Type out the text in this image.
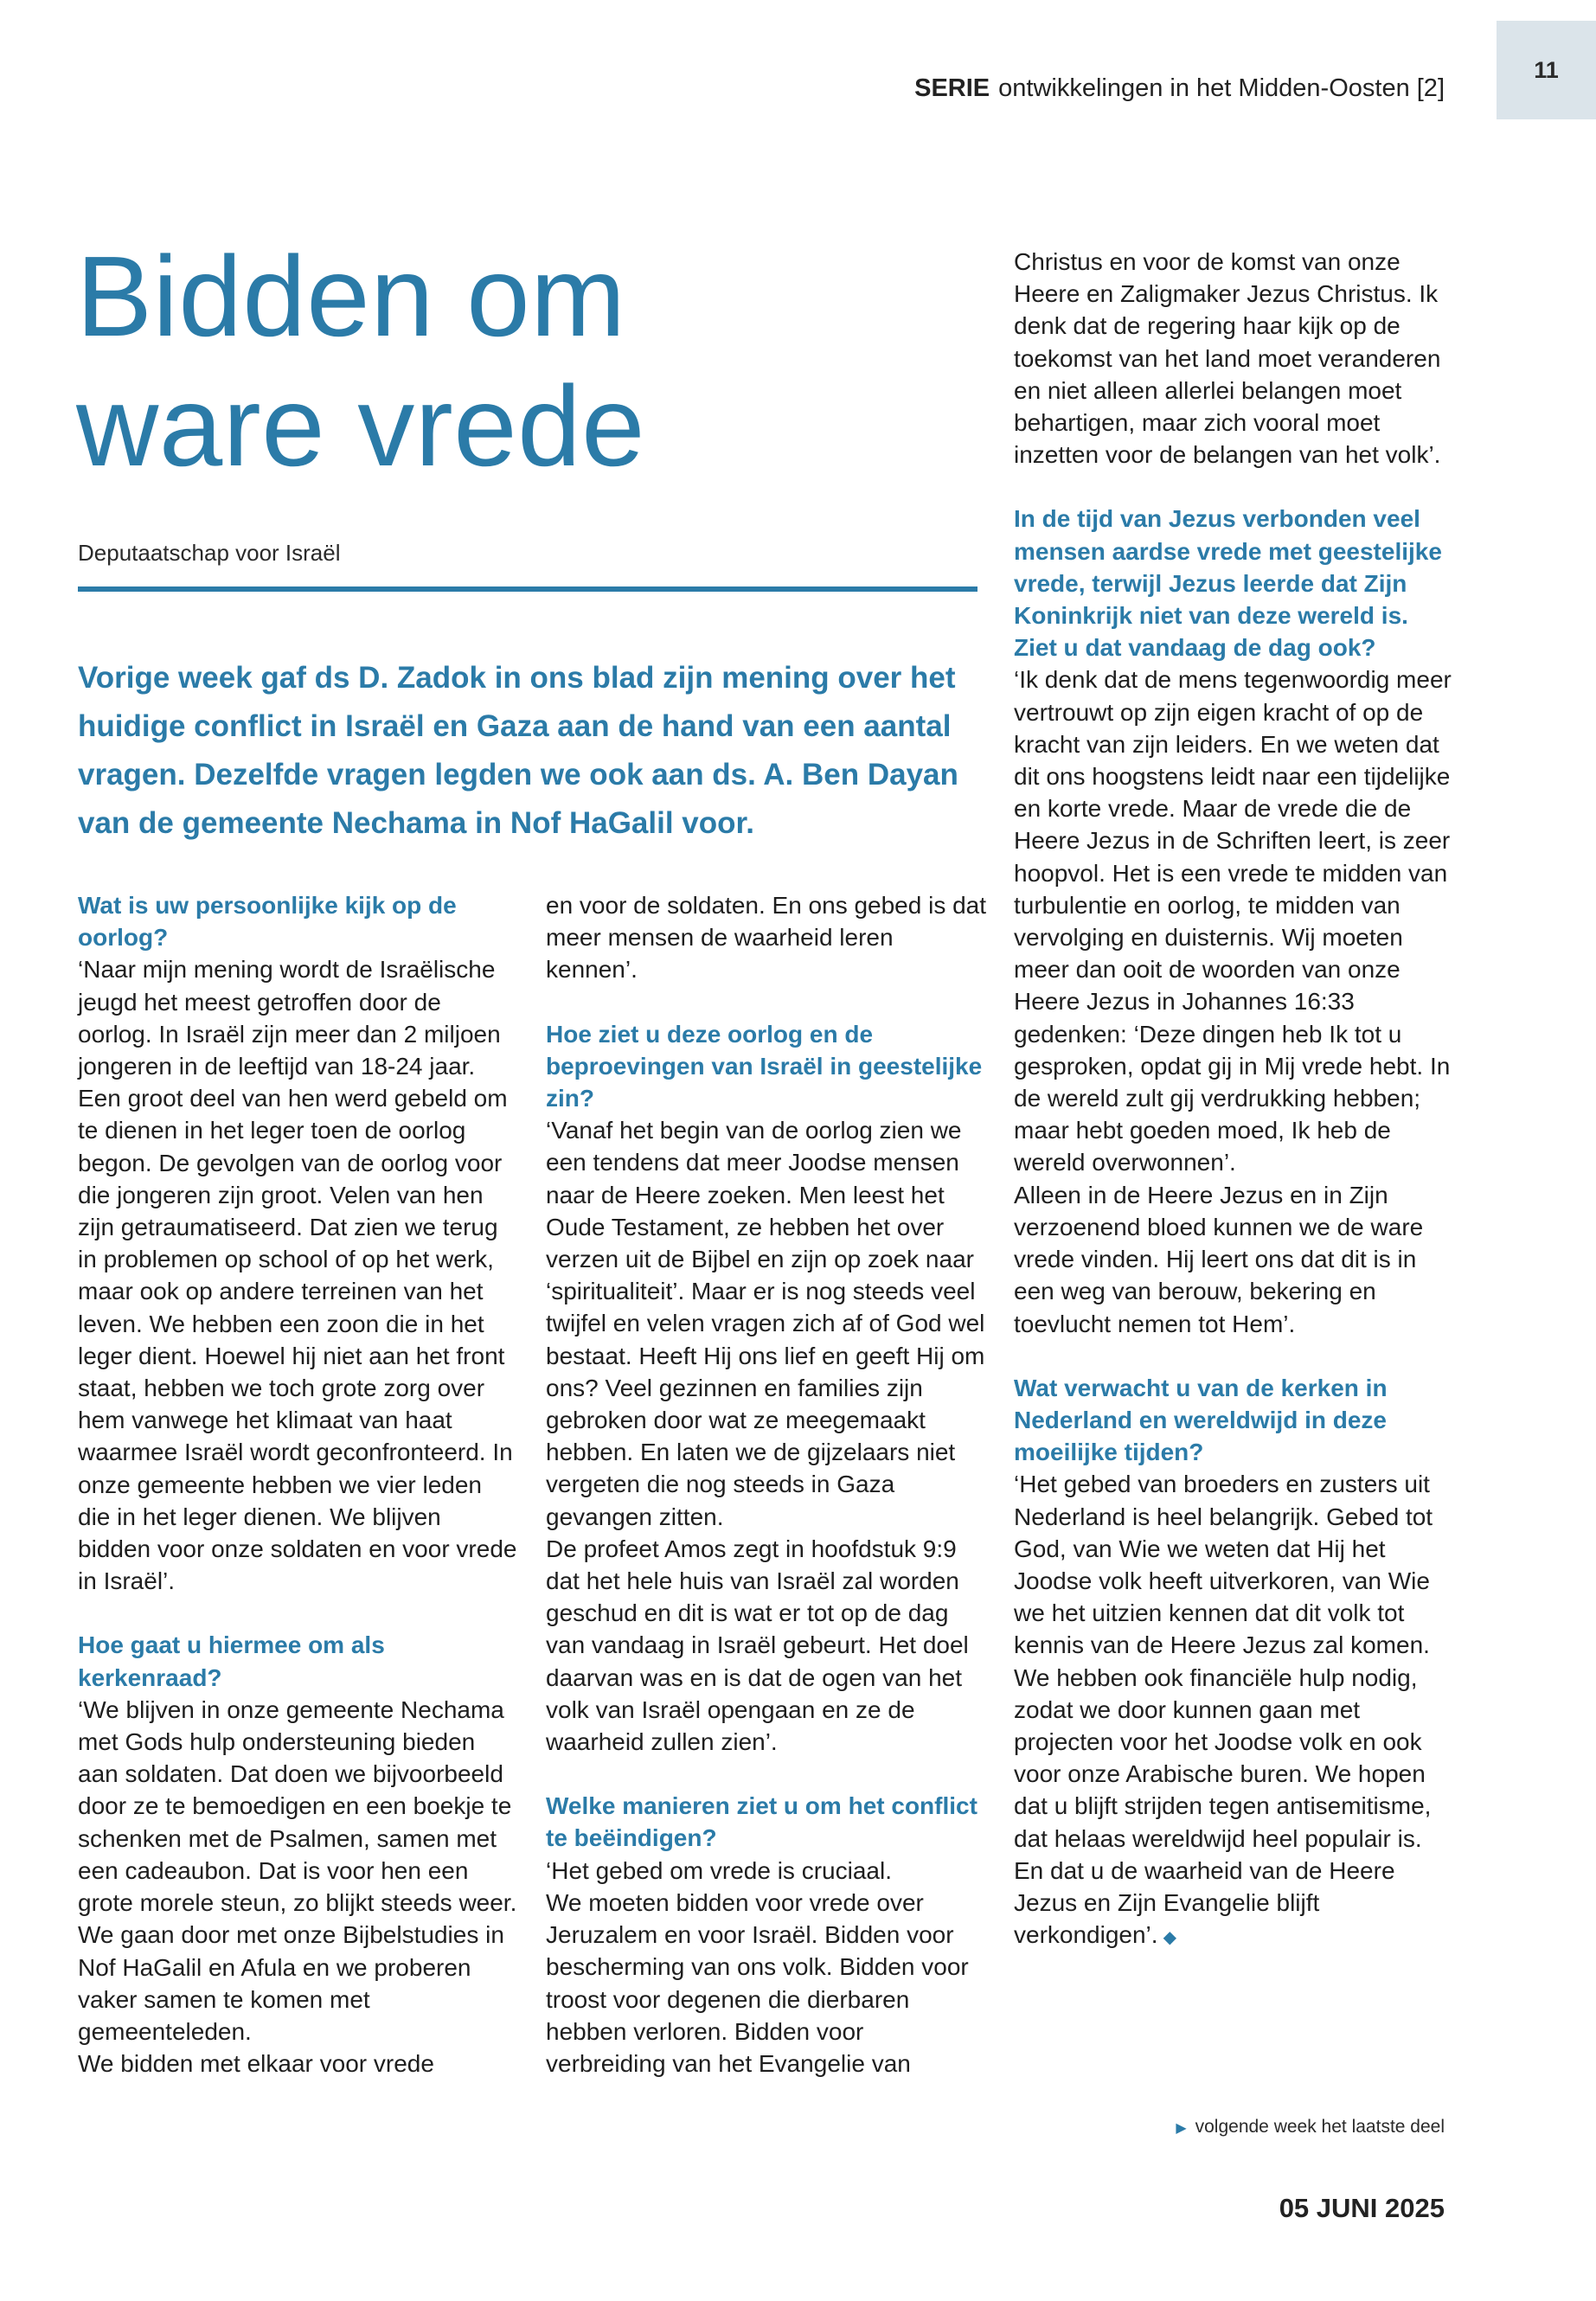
11
SERIE ontwikkelingen in het Midden-Oosten [2]
Bidden om
ware vrede
Deputaatschap voor Israël
Vorige week gaf ds D. Zadok in ons blad zijn mening over het huidige conflict in Israël en Gaza aan de hand van een aantal vragen. Dezelfde vragen legden we ook aan ds. A. Ben Dayan van de gemeente Nechama in Nof HaGalil voor.

Wat is uw persoonlijke kijk op de oorlog?

‘Naar mijn mening wordt de Israëlische jeugd het meest getroffen door de oorlog. In Israël zijn meer dan 2 miljoen jongeren in de leeftijd van 18-24 jaar. Een groot deel van hen werd gebeld om te dienen in het leger toen de oorlog begon. De gevolgen van de oorlog voor die jongeren zijn groot. Velen van hen zijn getraumatiseerd. Dat zien we terug in problemen op school of op het werk, maar ook op andere terreinen van het leven. We hebben een zoon die in het leger dient. Hoewel hij niet aan het front staat, hebben we toch grote zorg over hem vanwege het klimaat van haat waarmee Israël wordt geconfronteerd. In onze gemeente hebben we vier leden die in het leger dienen. We blijven bidden voor onze soldaten en voor vrede in Israël’.

Hoe gaat u hiermee om als kerkenraad?

‘We blijven in onze gemeente Nechama met Gods hulp ondersteuning bieden aan soldaten. Dat doen we bijvoorbeeld door ze te bemoedigen en een boekje te schenken met de Psalmen, samen met een cadeaubon. Dat is voor hen een grote morele steun, zo blijkt steeds weer. We gaan door met onze Bijbelstudies in Nof HaGalil en Afula en we proberen vaker samen te komen met gemeenteleden.

We bidden met elkaar voor vrede

en voor de soldaten. En ons gebed is dat meer mensen de waarheid leren kennen’.

Hoe ziet u deze oorlog en de beproevingen van Israël in geestelijke zin?

‘Vanaf het begin van de oorlog zien we een tendens dat meer Joodse mensen naar de Heere zoeken. Men leest het Oude Testament, ze hebben het over verzen uit de Bijbel en zijn op zoek naar ‘spiritualiteit’. Maar er is nog steeds veel twijfel en velen vragen zich af of God wel bestaat. Heeft Hij ons lief en geeft Hij om ons? Veel gezinnen en families zijn gebroken door wat ze meegemaakt hebben. En laten we de gijzelaars niet vergeten die nog steeds in Gaza gevangen zitten.

De profeet Amos zegt in hoofdstuk 9:9 dat het hele huis van Israël zal worden geschud en dit is wat er tot op de dag van vandaag in Israël gebeurt. Het doel daarvan was en is dat de ogen van het volk van Israël opengaan en ze de waarheid zullen zien’.

Welke manieren ziet u om het conflict te beëindigen?

‘Het gebed om vrede is cruciaal.

We moeten bidden voor vrede over Jeruzalem en voor Israël. Bidden voor bescherming van ons volk. Bidden voor troost voor degenen die dierbaren hebben verloren. Bidden voor verbreiding van het Evangelie van

Christus en voor de komst van onze Heere en Zaligmaker Jezus Christus. Ik denk dat de regering haar kijk op de toekomst van het land moet veranderen en niet alleen allerlei belangen moet behartigen, maar zich vooral moet inzetten voor de belangen van het volk’.

In de tijd van Jezus verbonden veel mensen aardse vrede met geestelijke vrede, terwijl Jezus leerde dat Zijn Koninkrijk niet van deze wereld is. Ziet u dat vandaag de dag ook?

‘Ik denk dat de mens tegenwoordig meer vertrouwt op zijn eigen kracht of op de kracht van zijn leiders. En we weten dat dit ons hoogstens leidt naar een tijdelijke en korte vrede. Maar de vrede die de Heere Jezus in de Schriften leert, is zeer hoopvol. Het is een vrede te midden van turbulentie en oorlog, te midden van vervolging en duisternis. Wij moeten meer dan ooit de woorden van onze Heere Jezus in Johannes 16:33 gedenken: ‘Deze dingen heb Ik tot u gesproken, opdat gij in Mij vrede hebt. In de wereld zult gij verdrukking hebben; maar hebt goeden moed, Ik heb de wereld overwonnen’.

Alleen in de Heere Jezus en in Zijn verzoenend bloed kunnen we de ware vrede vinden. Hij leert ons dat dit is in een weg van berouw, bekering en toevlucht nemen tot Hem’.

Wat verwacht u van de kerken in Nederland en wereldwijd in deze moeilijke tijden?

‘Het gebed van broeders en zusters uit Nederland is heel belangrijk. Gebed tot God, van Wie we weten dat Hij het Joodse volk heeft uitverkoren, van Wie we het uitzien kennen dat dit volk tot kennis van de Heere Jezus zal komen. We hebben ook financiële hulp nodig, zodat we door kunnen gaan met projecten voor het Joodse volk en ook voor onze Arabische buren. We hopen dat u blijft strijden tegen antisemitisme, dat helaas wereldwijd heel populair is. En dat u de waarheid van de Heere Jezus en Zijn Evangelie blijft verkondigen’. ◆

▶ volgende week het laatste deel
05 JUNI 2025
